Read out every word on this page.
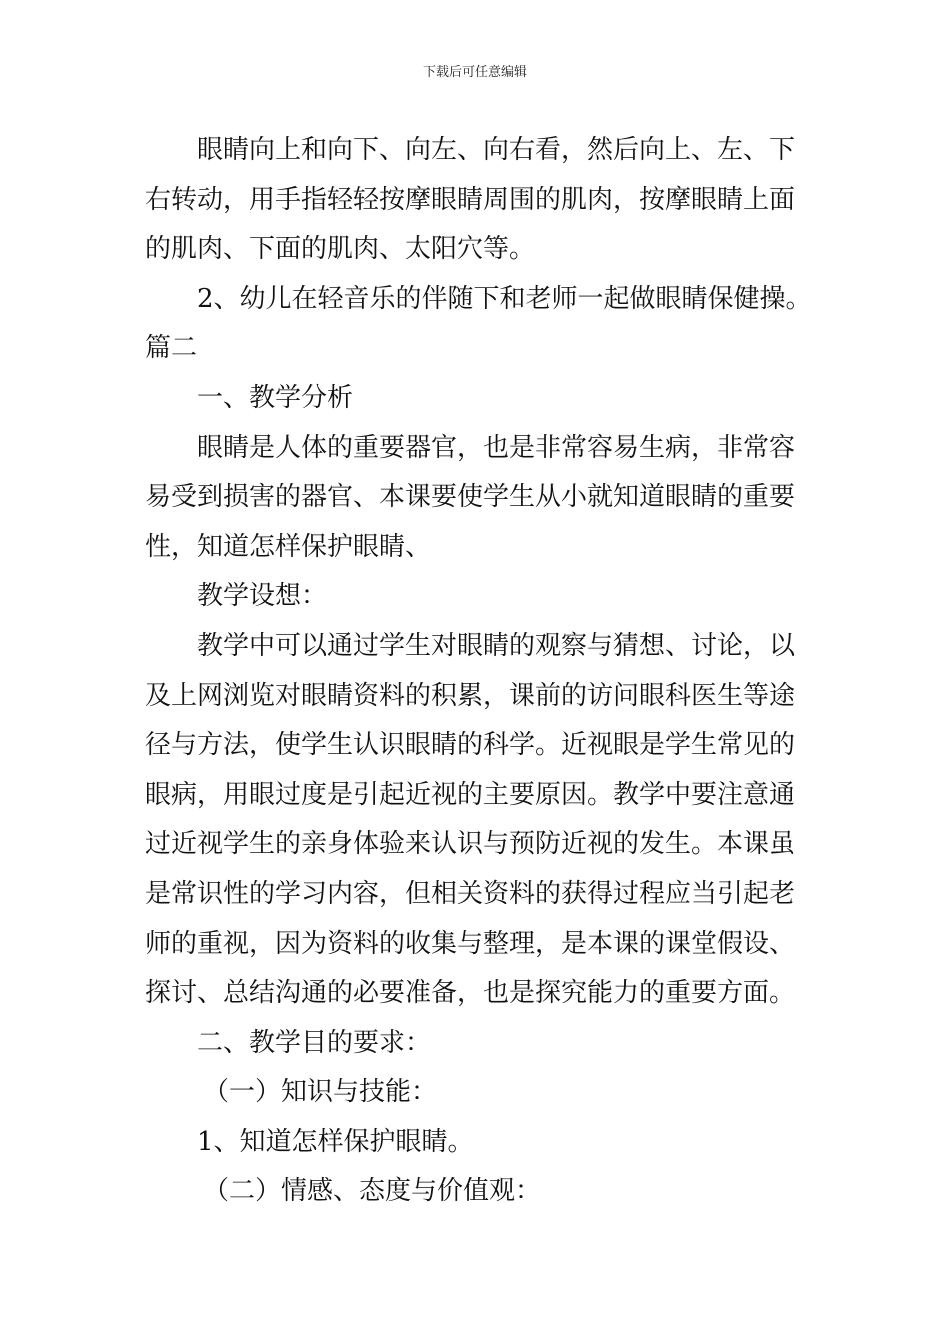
下载后可任意编辑
眼睛向上和向下、向左、向右看，然后向上、左、下
右转动，用手指轻轻按摩眼睛周围的肌肉，按摩眼睛上面
的肌肉、下面的肌肉、太阳穴等。
2、幼儿在轻音乐的伴随下和老师一起做眼睛保健操。
篇二
一、教学分析
眼睛是人体的重要器官，也是非常容易生病，非常容
易受到损害的器官、本课要使学生从小就知道眼睛的重要
性，知道怎样保护眼睛、
教学设想：
教学中可以通过学生对眼睛的观察与猜想、讨论，以
及上网浏览对眼睛资料的积累，课前的访问眼科医生等途
径与方法，使学生认识眼睛的科学。近视眼是学生常见的
眼病，用眼过度是引起近视的主要原因。教学中要注意通
过近视学生的亲身体验来认识与预防近视的发生。本课虽
是常识性的学习内容，但相关资料的获得过程应当引起老
师的重视，因为资料的收集与整理，是本课的课堂假设、
探讨、总结沟通的必要准备，也是探究能力的重要方面。
二、教学目的要求：
（一）知识与技能：
1、知道怎样保护眼睛。
（二）情感、态度与价值观：
